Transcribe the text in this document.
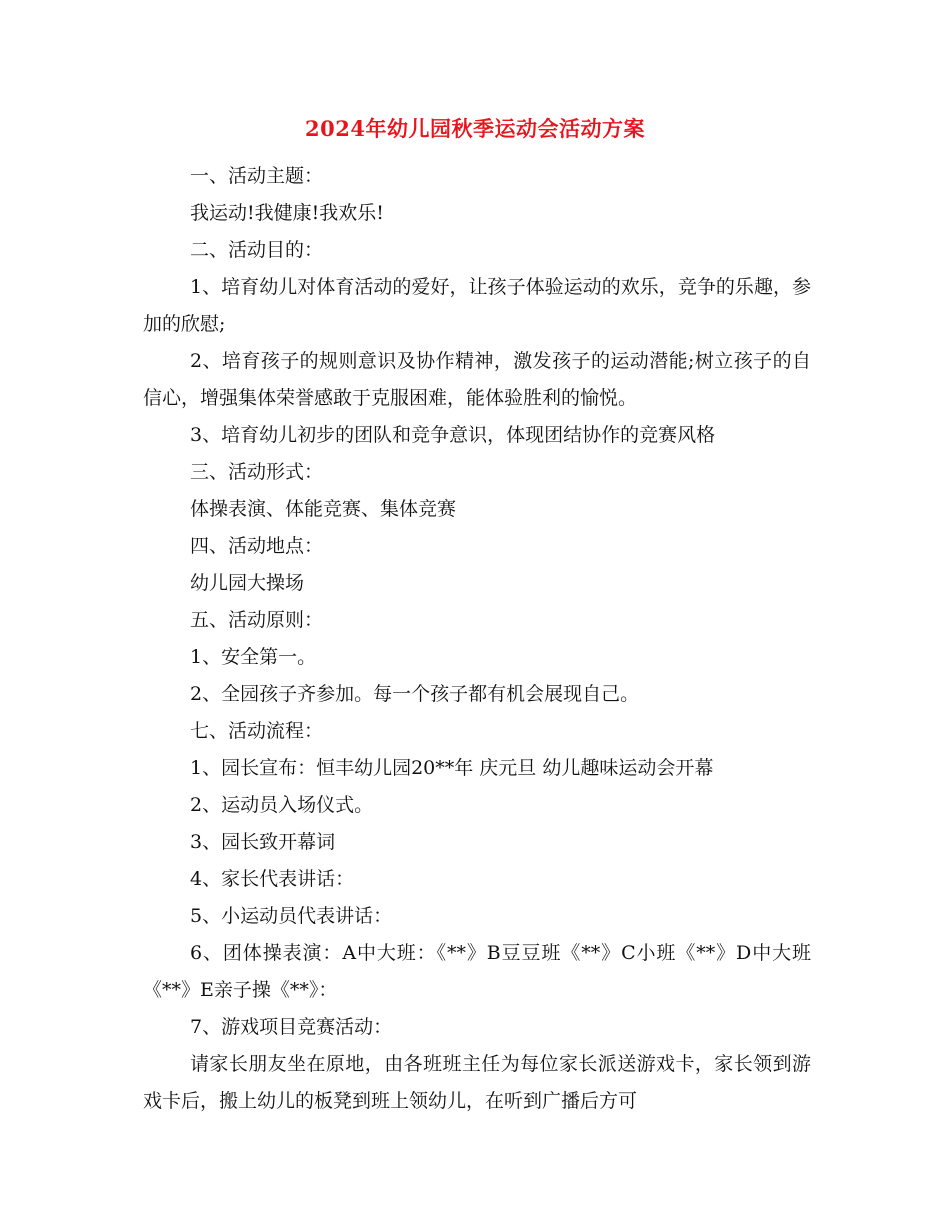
2024年幼儿园秋季运动会活动方案

一、活动主题：

我运动!我健康!我欢乐!

二、活动目的：

1、培育幼儿对体育活动的爱好，让孩子体验运动的欢乐，竞争的乐趣，参加的欣慰;

2、培育孩子的规则意识及协作精神，激发孩子的运动潜能;树立孩子的自信心，增强集体荣誉感敢于克服困难，能体验胜利的愉悦。

3、培育幼儿初步的团队和竞争意识，体现团结协作的竞赛风格

三、活动形式：

体操表演、体能竞赛、集体竞赛

四、活动地点：

幼儿园大操场

五、活动原则：

1、安全第一。

2、全园孩子齐参加。每一个孩子都有机会展现自己。

七、活动流程：

1、园长宣布：恒丰幼儿园20**年 庆元旦 幼儿趣味运动会开幕

2、运动员入场仪式。

3、园长致开幕词

4、家长代表讲话：

5、小运动员代表讲话：

6、团体操表演：A中大班：《**》B豆豆班《**》C小班《**》D中大班《**》E亲子操《**》：

7、游戏项目竞赛活动：

请家长朋友坐在原地，由各班班主任为每位家长派送游戏卡，家长领到游戏卡后，搬上幼儿的板凳到班上领幼儿，在听到广播后方可
